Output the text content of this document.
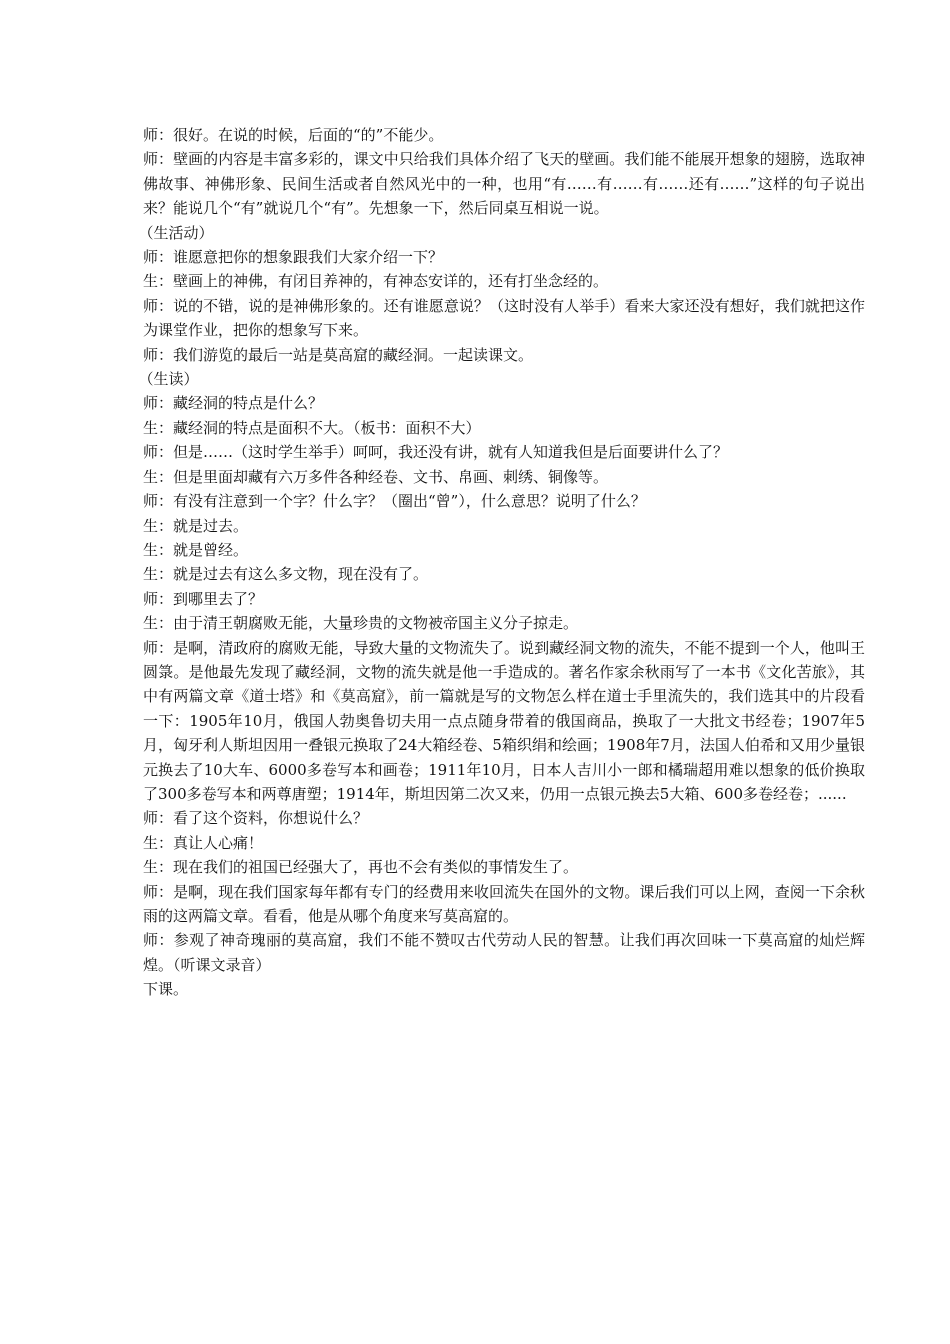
师：很好。在说的时候，后面的“的”不能少。

师：壁画的内容是丰富多彩的，课文中只给我们具体介绍了飞天的壁画。我们能不能展开想象的翅膀，选取神佛故事、神佛形象、民间生活或者自然风光中的一种，也用“有……有……有……还有……”这样的句子说出来？能说几个“有”就说几个“有”。先想象一下，然后同桌互相说一说。

（生活动）

师：谁愿意把你的想象跟我们大家介绍一下？

生：壁画上的神佛，有闭目养神的，有神态安详的，还有打坐念经的。

师：说的不错，说的是神佛形象的。还有谁愿意说？（这时没有人举手）看来大家还没有想好，我们就把这作为课堂作业，把你的想象写下来。

师：我们游览的最后一站是莫高窟的藏经洞。一起读课文。

（生读）

师：藏经洞的特点是什么？

生：藏经洞的特点是面积不大。（板书：面积不大）

师：但是……（这时学生举手）呵呵，我还没有讲，就有人知道我但是后面要讲什么了？

生：但是里面却藏有六万多件各种经卷、文书、帛画、刺绣、铜像等。

师：有没有注意到一个字？什么字？（圈出“曾”），什么意思？说明了什么？

生：就是过去。

生：就是曾经。

生：就是过去有这么多文物，现在没有了。

师：到哪里去了？

生：由于清王朝腐败无能，大量珍贵的文物被帝国主义分子掠走。

师：是啊，清政府的腐败无能，导致大量的文物流失了。说到藏经洞文物的流失，不能不提到一个人，他叫王圆箓。是他最先发现了藏经洞，文物的流失就是他一手造成的。著名作家余秋雨写了一本书《文化苦旅》，其中有两篇文章《道士塔》和《莫高窟》，前一篇就是写的文物怎么样在道士手里流失的，我们选其中的片段看一下：1905年10月，俄国人勃奥鲁切夫用一点点随身带着的俄国商品，换取了一大批文书经卷；1907年5月，匈牙利人斯坦因用一叠银元换取了24大箱经卷、5箱织绢和绘画；1908年7月，法国人伯希和又用少量银元换去了10大车、6000多卷写本和画卷；1911年10月，日本人吉川小一郎和橘瑞超用难以想象的低价换取了300多卷写本和两尊唐塑；1914年，斯坦因第二次又来，仍用一点银元换去5大箱、600多卷经卷；......

师：看了这个资料，你想说什么？

生：真让人心痛！

生：现在我们的祖国已经强大了，再也不会有类似的事情发生了。

师：是啊，现在我们国家每年都有专门的经费用来收回流失在国外的文物。课后我们可以上网，查阅一下余秋雨的这两篇文章。看看，他是从哪个角度来写莫高窟的。

师：参观了神奇瑰丽的莫高窟，我们不能不赞叹古代劳动人民的智慧。让我们再次回味一下莫高窟的灿烂辉煌。（听课文录音）

下课。
